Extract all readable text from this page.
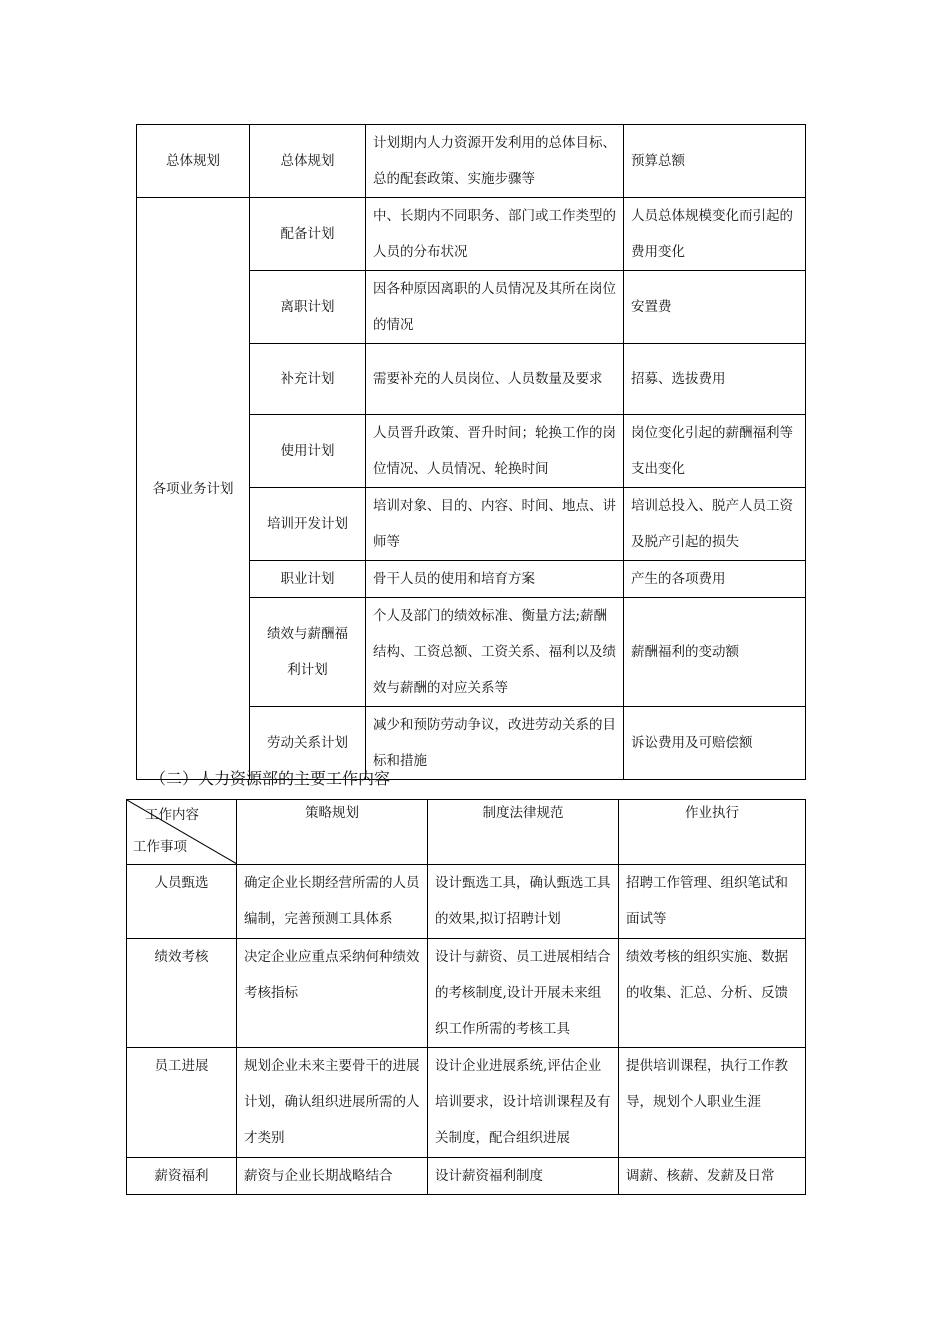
总体规划	总体规划	计划期内人力资源开发利用的总体目标、总的配套政策、实施步骤等	预算总额
各项业务计划	配备计划	中、长期内不同职务、部门或工作类型的人员的分布状况	人员总体规模变化而引起的费用变化
	离职计划	因各种原因离职的人员情况及其所在岗位的情况	安置费
	补充计划	需要补充的人员岗位、人员数量及要求	招募、选拔费用
	使用计划	人员晋升政策、晋升时间；轮换工作的岗位情况、人员情况、轮换时间	岗位变化引起的薪酬福利等支出变化
	培训开发计划	培训对象、目的、内容、时间、地点、讲师等	培训总投入、脱产人员工资及脱产引起的损失
	职业计划	骨干人员的使用和培育方案	产生的各项费用
	绩效与薪酬福利计划	个人及部门的绩效标准、衡量方法;薪酬结构、工资总额、工资关系、福利以及绩效与薪酬的对应关系等	薪酬福利的变动额
	劳动关系计划	减少和预防劳动争议，改进劳动关系的目标和措施	诉讼费用及可赔偿额
（二）人力资源部的主要工作内容
工作内容
工作事项	策略规划	制度法律规范	作业执行
人员甄选	确定企业长期经营所需的人员编制，完善预测工具体系	设计甄选工具，确认甄选工具的效果,拟订招聘计划	招聘工作管理、组织笔试和面试等
绩效考核	决定企业应重点采纳何种绩效考核指标	设计与薪资、员工进展相结合的考核制度,设计开展未来组织工作所需的考核工具	绩效考核的组织实施、数据的收集、汇总、分析、反馈
员工进展	规划企业未来主要骨干的进展计划，确认组织进展所需的人才类别	设计企业进展系统,评估企业培训要求，设计培训课程及有关制度，配合组织进展	提供培训课程，执行工作教导，规划个人职业生涯
薪资福利	薪资与企业长期战略结合	设计薪资福利制度	调薪、核薪、发薪及日常
